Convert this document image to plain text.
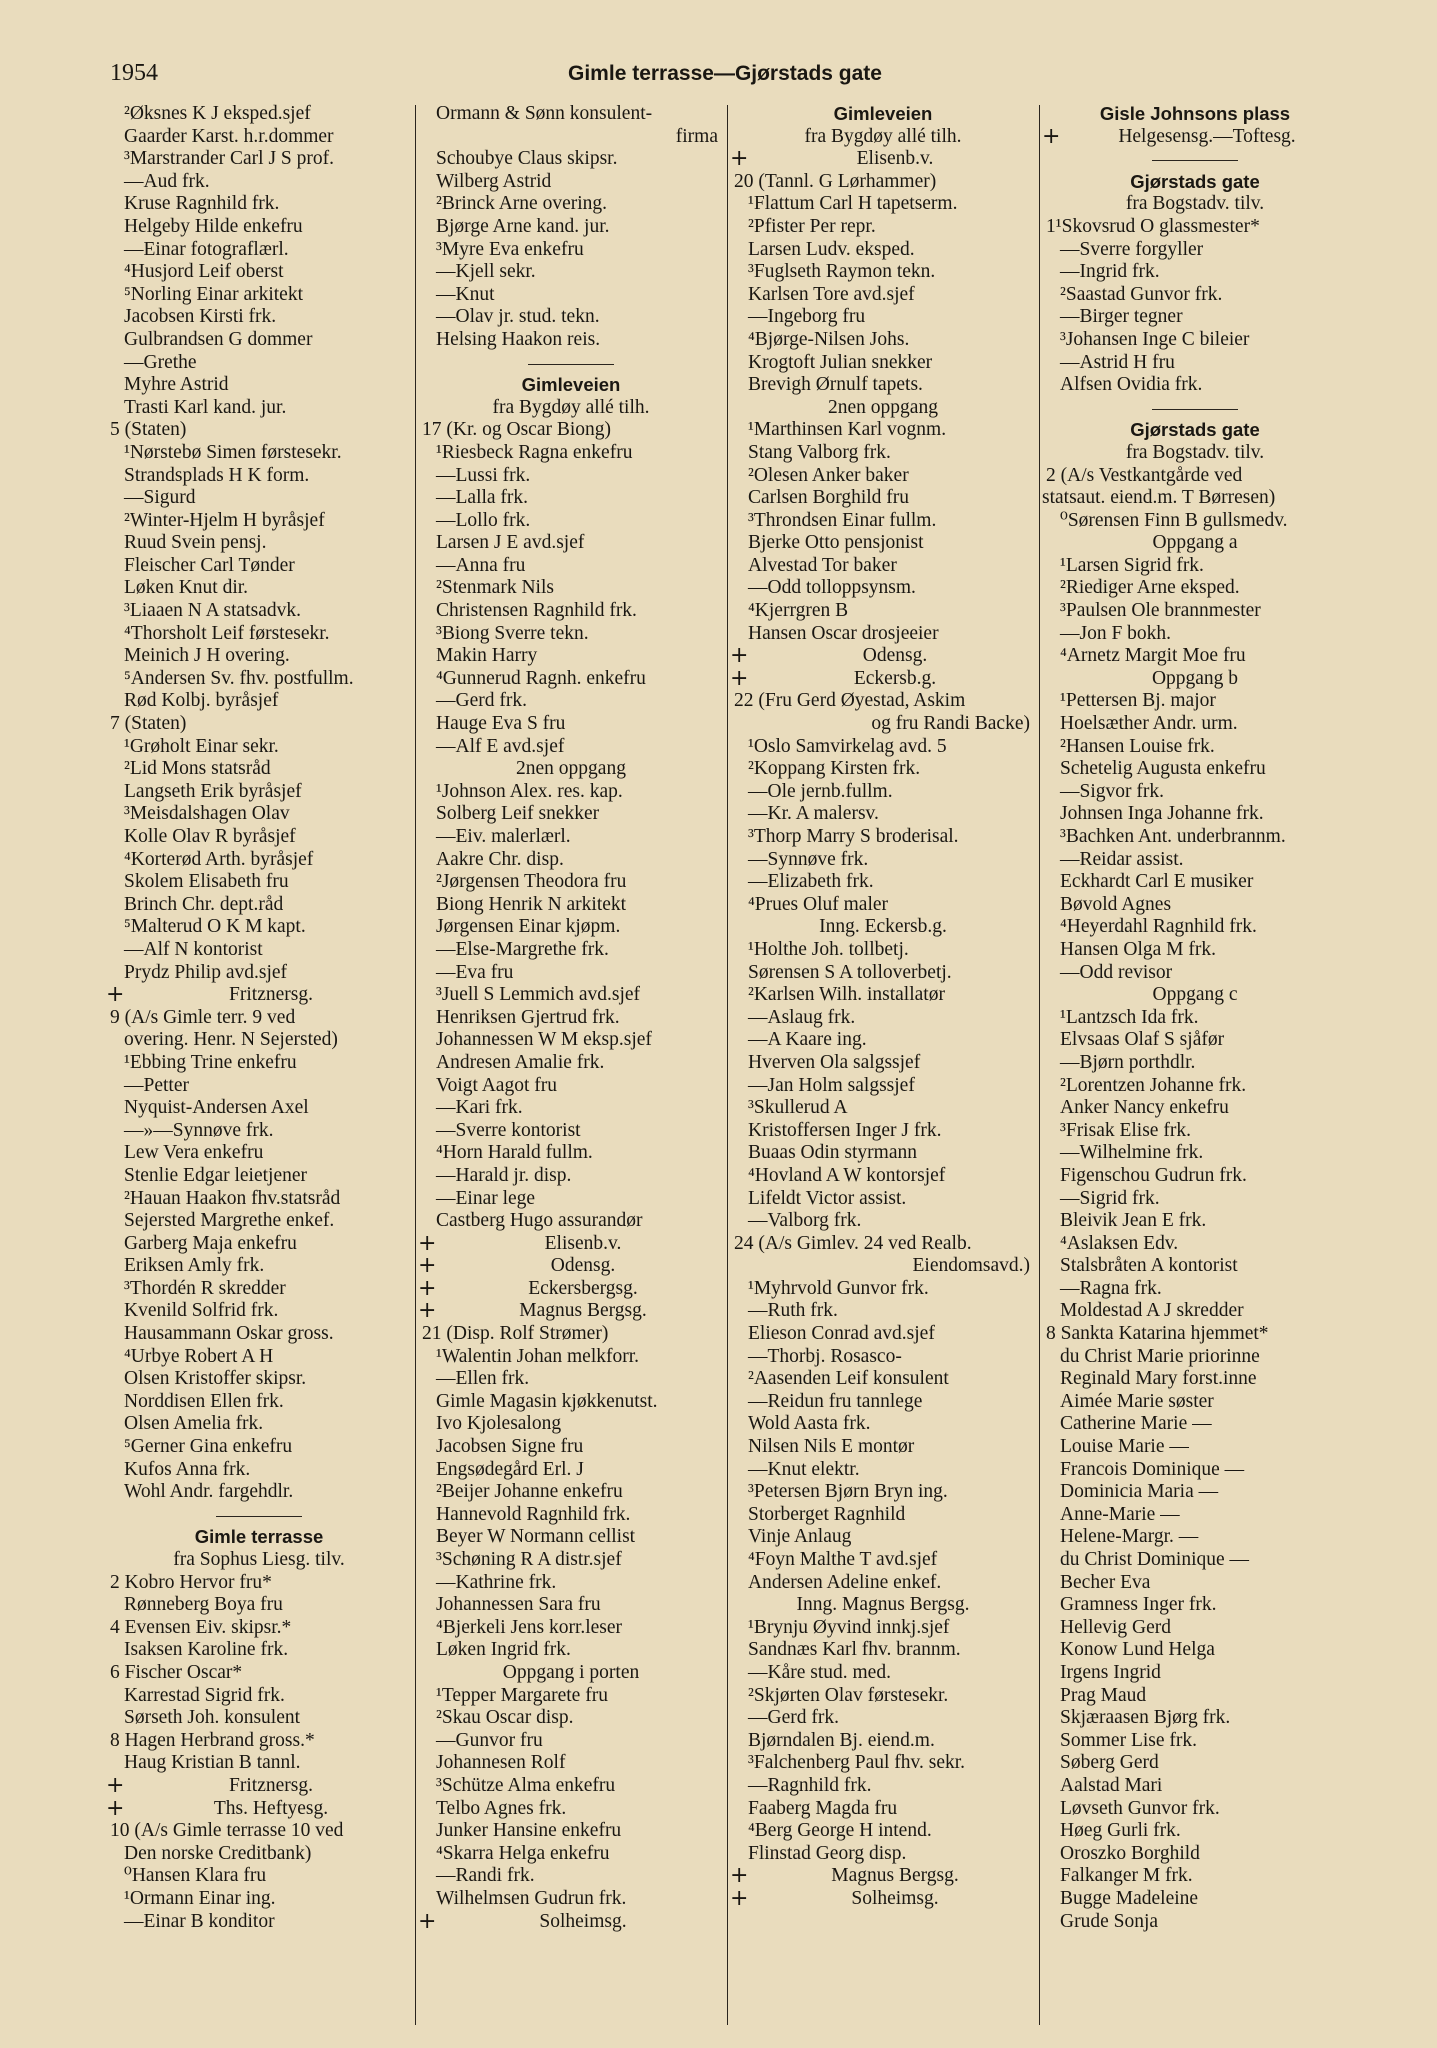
1954	Gimle terrasse—Gjørstads gate
²Øksnes K J eksped.sjef
Gaarder Karst. h.r.dommer
³Marstrander Carl J S prof.
—Aud frk.
Kruse Ragnhild frk.
Helgeby Hilde enkefru
—Einar fotograflærl.
⁴Husjord Leif oberst
⁵Norling Einar arkitekt
Jacobsen Kirsti frk.
Gulbrandsen G dommer
—Grethe
Myhre Astrid
Trasti Karl kand. jur.
5 (Staten)
¹Nørstebø Simen førstesekr.
Strandsplads H K form.
—Sigurd
²Winter-Hjelm H byråsjef
Ruud Svein pensj.
Fleischer Carl Tønder
Løken Knut dir.
³Liaaen N A statsadvk.
⁴Thorsholt Leif førstesekr.
Meinich J H overing.
⁵Andersen Sv. fhv. postfullm.
Rød Kolbj. byråsjef
7 (Staten)
¹Grøholt Einar sekr.
²Lid Mons statsråd
Langseth Erik byråsjef
³Meisdalshagen Olav
Kolle Olav R byråsjef
⁴Korterød Arth. byråsjef
Skolem Elisabeth fru
Brinch Chr. dept.råd
⁵Malterud O K M kapt.
—Alf N kontorist
Prydz Philip avd.sjef
+	Fritznersg.
9 (A/s Gimle terr. 9 ved
overing. Henr. N Sejersted)
¹Ebbing Trine enkefru
—Petter
Nyquist-Andersen Axel
—»—Synnøve frk.
Lew Vera enkefru
Stenlie Edgar leietjener
²Hauan Haakon fhv.statsråd
Sejersted Margrethe enkef.
Garberg Maja enkefru
Eriksen Amly frk.
³Thordén R skredder
Kvenild Solfrid frk.
Hausammann Oskar gross.
⁴Urbye Robert A H
Olsen Kristoffer skipsr.
Norddisen Ellen frk.
Olsen Amelia frk.
⁵Gerner Gina enkefru
Kufos Anna frk.
Wohl Andr. fargehdlr.
Gimle terrasse
fra Sophus Liesg. tilv.
2 Kobro Hervor fru*
Rønneberg Boya fru
4 Evensen Eiv. skipsr.*
Isaksen Karoline frk.
6 Fischer Oscar*
Karrestad Sigrid frk.
Sørseth Joh. konsulent
8 Hagen Herbrand gross.*
Haug Kristian B tannl.
+	Fritznersg.
+	Ths. Heftyesg.
10 (A/s Gimle terrasse 10 ved
Den norske Creditbank)
⁰Hansen Klara fru
¹Ormann Einar ing.
—Einar B konditor
Ormann & Sønn konsulent-
firma
Schoubye Claus skipsr.
Wilberg Astrid
²Brinck Arne overing.
Bjørge Arne kand. jur.
³Myre Eva enkefru
—Kjell sekr.
—Knut
—Olav jr. stud. tekn.
Helsing Haakon reis.
Gimleveien
fra Bygdøy allé tilh.
17 (Kr. og Oscar Biong)
¹Riesbeck Ragna enkefru
—Lussi frk.
—Lalla frk.
—Lollo frk.
Larsen J E avd.sjef
—Anna fru
²Stenmark Nils
Christensen Ragnhild frk.
³Biong Sverre tekn.
Makin Harry
⁴Gunnerud Ragnh. enkefru
—Gerd frk.
Hauge Eva S fru
—Alf E avd.sjef
2nen oppgang
¹Johnson Alex. res. kap.
Solberg Leif snekker
—Eiv. malerlærl.
Aakre Chr. disp.
²Jørgensen Theodora fru
Biong Henrik N arkitekt
Jørgensen Einar kjøpm.
—Else-Margrethe frk.
—Eva fru
³Juell S Lemmich avd.sjef
Henriksen Gjertrud frk.
Johannessen W M eksp.sjef
Andresen Amalie frk.
Voigt Aagot fru
—Kari frk.
—Sverre kontorist
⁴Horn Harald fullm.
—Harald jr. disp.
—Einar lege
Castberg Hugo assurandør
+	Elisenb.v.
+	Odensg.
+	Eckersbergsg.
+	Magnus Bergsg.
21 (Disp. Rolf Strømer)
¹Walentin Johan melkforr.
—Ellen frk.
Gimle Magasin kjøkkenutst.
Ivo Kjolesalong
Jacobsen Signe fru
Engsødegård Erl. J
²Beijer Johanne enkefru
Hannevold Ragnhild frk.
Beyer W Normann cellist
³Schøning R A distr.sjef
—Kathrine frk.
Johannessen Sara fru
⁴Bjerkeli Jens korr.leser
Løken Ingrid frk.
Oppgang i porten
¹Tepper Margarete fru
²Skau Oscar disp.
—Gunvor fru
Johannesen Rolf
³Schütze Alma enkefru
Telbo Agnes frk.
Junker Hansine enkefru
⁴Skarra Helga enkefru
—Randi frk.
Wilhelmsen Gudrun frk.
+	Solheimsg.
Gimleveien
fra Bygdøy allé tilh.
+	Elisenb.v.
20 (Tannl. G Lørhammer)
¹Flattum Carl H tapetserm.
²Pfister Per repr.
Larsen Ludv. eksped.
³Fuglseth Raymon tekn.
Karlsen Tore avd.sjef
—Ingeborg fru
⁴Bjørge-Nilsen Johs.
Krogtoft Julian snekker
Brevigh Ørnulf tapets.
2nen oppgang
¹Marthinsen Karl vognm.
Stang Valborg frk.
²Olesen Anker baker
Carlsen Borghild fru
³Throndsen Einar fullm.
Bjerke Otto pensjonist
Alvestad Tor baker
—Odd tolloppsynsm.
⁴Kjerrgren B
Hansen Oscar drosjeeier
+	Odensg.
+	Eckersb.g.
22 (Fru Gerd Øyestad, Askim
og fru Randi Backe)
¹Oslo Samvirkelag avd. 5
²Koppang Kirsten frk.
—Ole jernb.fullm.
—Kr. A malersv.
³Thorp Marry S broderisal.
—Synnøve frk.
—Elizabeth frk.
⁴Prues Oluf maler
Inng. Eckersb.g.
¹Holthe Joh. tollbetj.
Sørensen S A tolloverbetj.
²Karlsen Wilh. installatør
—Aslaug frk.
—A Kaare ing.
Hverven Ola salgssjef
—Jan Holm salgssjef
³Skullerud A
Kristoffersen Inger J frk.
Buaas Odin styrmann
⁴Hovland A W kontorsjef
Lifeldt Victor assist.
—Valborg frk.
24 (A/s Gimlev. 24 ved Realb.
Eiendomsavd.)
¹Myhrvold Gunvor frk.
—Ruth frk.
Elieson Conrad avd.sjef
—Thorbj. Rosasco-
²Aasenden Leif konsulent
—Reidun fru tannlege
Wold Aasta frk.
Nilsen Nils E montør
—Knut elektr.
³Petersen Bjørn Bryn ing.
Storberget Ragnhild
Vinje Anlaug
⁴Foyn Malthe T avd.sjef
Andersen Adeline enkef.
Inng. Magnus Bergsg.
¹Brynju Øyvind innkj.sjef
Sandnæs Karl fhv. brannm.
—Kåre stud. med.
²Skjørten Olav førstesekr.
—Gerd frk.
Bjørndalen Bj. eiend.m.
³Falchenberg Paul fhv. sekr.
—Ragnhild frk.
Faaberg Magda fru
⁴Berg George H intend.
Flinstad Georg disp.
+	Magnus Bergsg.
+	Solheimsg.
Gisle Johnsons plass
+	Helgesensg.—Toftesg.
Gjørstads gate
fra Bogstadv. tilv.
1¹Skovsrud O glassmester*
—Sverre forgyller
—Ingrid frk.
²Saastad Gunvor frk.
—Birger tegner
³Johansen Inge C bileier
—Astrid H fru
Alfsen Ovidia frk.
Gjørstads gate
fra Bogstadv. tilv.
2 (A/s Vestkantgårde ved
statsaut. eiend.m. T Børresen)
⁰Sørensen Finn B gullsmedv.
Oppgang a
¹Larsen Sigrid frk.
²Riediger Arne eksped.
³Paulsen Ole brannmester
—Jon F bokh.
⁴Arnetz Margit Moe fru
Oppgang b
¹Pettersen Bj. major
Hoelsæther Andr. urm.
²Hansen Louise frk.
Schetelig Augusta enkefru
—Sigvor frk.
Johnsen Inga Johanne frk.
³Bachken Ant. underbrannm.
—Reidar assist.
Eckhardt Carl E musiker
Bøvold Agnes
⁴Heyerdahl Ragnhild frk.
Hansen Olga M frk.
—Odd revisor
Oppgang c
¹Lantzsch Ida frk.
Elvsaas Olaf S sjåfør
—Bjørn porthdlr.
²Lorentzen Johanne frk.
Anker Nancy enkefru
³Frisak Elise frk.
—Wilhelmine frk.
Figenschou Gudrun frk.
—Sigrid frk.
Bleivik Jean E frk.
⁴Aslaksen Edv.
Stalsbråten A kontorist
—Ragna frk.
Moldestad A J skredder
8 Sankta Katarina hjemmet*
du Christ Marie priorinne
Reginald Mary forst.inne
Aimée Marie søster
Catherine Marie —
Louise Marie —
Francois Dominique —
Dominicia Maria —
Anne-Marie —
Helene-Margr. —
du Christ Dominique —
Becher Eva
Gramness Inger frk.
Hellevig Gerd
Konow Lund Helga
Irgens Ingrid
Prag Maud
Skjæraasen Bjørg frk.
Sommer Lise frk.
Søberg Gerd
Aalstad Mari
Løvseth Gunvor frk.
Høeg Gurli frk.
Oroszko Borghild
Falkanger M frk.
Bugge Madeleine
Grude Sonja
